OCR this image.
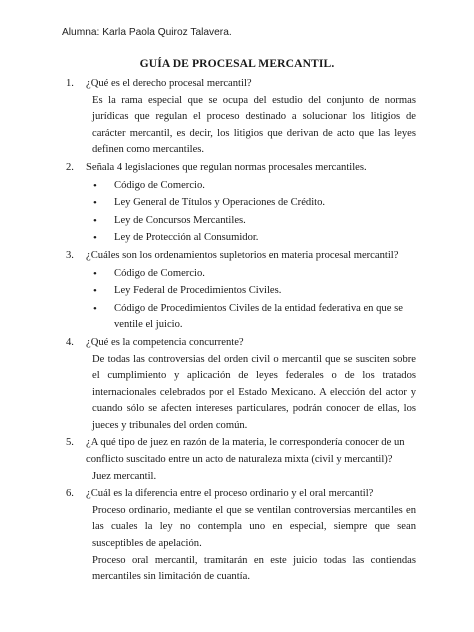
Alumna: Karla Paola Quiroz Talavera.
GUÍA DE PROCESAL MERCANTIL.
1. ¿Qué es el derecho procesal mercantil?
Es la rama especial que se ocupa del estudio del conjunto de normas jurídicas que regulan el proceso destinado a solucionar los litigios de carácter mercantil, es decir, los litigios que derivan de acto que las leyes definen como mercantiles.
2. Señala 4 legislaciones que regulan normas procesales mercantiles.
• Código de Comercio.
• Ley General de Títulos y Operaciones de Crédito.
• Ley de Concursos Mercantiles.
• Ley de Protección al Consumidor.
3. ¿Cuáles son los ordenamientos supletorios en materia procesal mercantil?
• Código de Comercio.
• Ley Federal de Procedimientos Civiles.
• Código de Procedimientos Civiles de la entidad federativa en que se ventile el juicio.
4. ¿Qué es la competencia concurrente?
De todas las controversias del orden civil o mercantil que se susciten sobre el cumplimiento y aplicación de leyes federales o de los tratados internacionales celebrados por el Estado Mexicano. A elección del actor y cuando sólo se afecten intereses particulares, podrán conocer de ellas, los jueces y tribunales del orden común.
5. ¿A qué tipo de juez en razón de la materia, le correspondería conocer de un conflicto suscitado entre un acto de naturaleza mixta (civil y mercantil)?
Juez mercantil.
6. ¿Cuál es la diferencia entre el proceso ordinario y el oral mercantil?
Proceso ordinario, mediante el que se ventilan controversias mercantiles en las cuales la ley no contempla uno en especial, siempre que sean susceptibles de apelación.
Proceso oral mercantil, tramitarán en este juicio todas las contiendas mercantiles sin limitación de cuantía.
